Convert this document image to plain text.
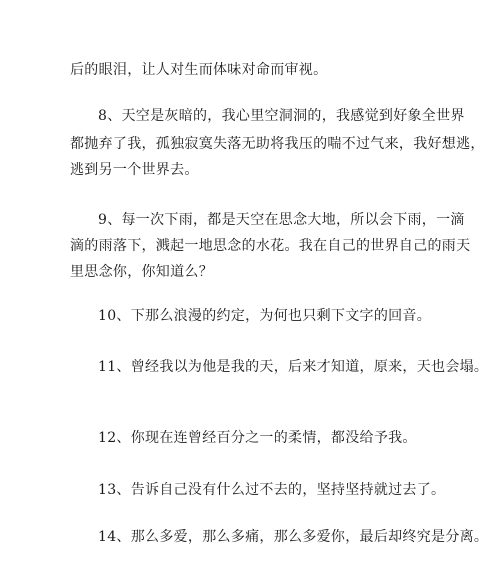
后的眼泪，让人对生而体味对命而审视。
8、天空是灰暗的，我心里空洞洞的，我感觉到好象全世界
都抛弃了我，孤独寂寞失落无助将我压的喘不过气来，我好想逃，
逃到另一个世界去。
9、每一次下雨，都是天空在思念大地，所以会下雨，一滴
滴的雨落下，溅起一地思念的水花。我在自己的世界自己的雨天
里思念你，你知道么？
10、下那么浪漫的约定，为何也只剩下文字的回音。
11、曾经我以为他是我的天，后来才知道，原来，天也会塌。
12、你现在连曾经百分之一的柔情，都没给予我。
13、告诉自己没有什么过不去的，坚持坚持就过去了。
14、那么多爱，那么多痛，那么多爱你，最后却终究是分离。
